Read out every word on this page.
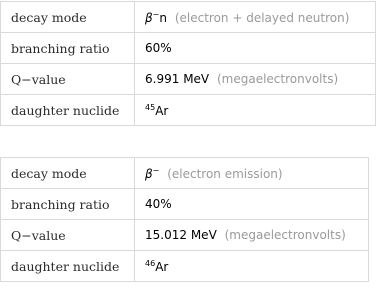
decay mode	β−n (electron + delayed neutron)
branching ratio	60%
Q−value	6.991 MeV (megaelectronvolts)
daughter nuclide	$^{45}$Ar
decay mode	β− (electron emission)
branching ratio	40%
Q−value	15.012 MeV (megaelectronvolts)
daughter nuclide	$^{46}$Ar
